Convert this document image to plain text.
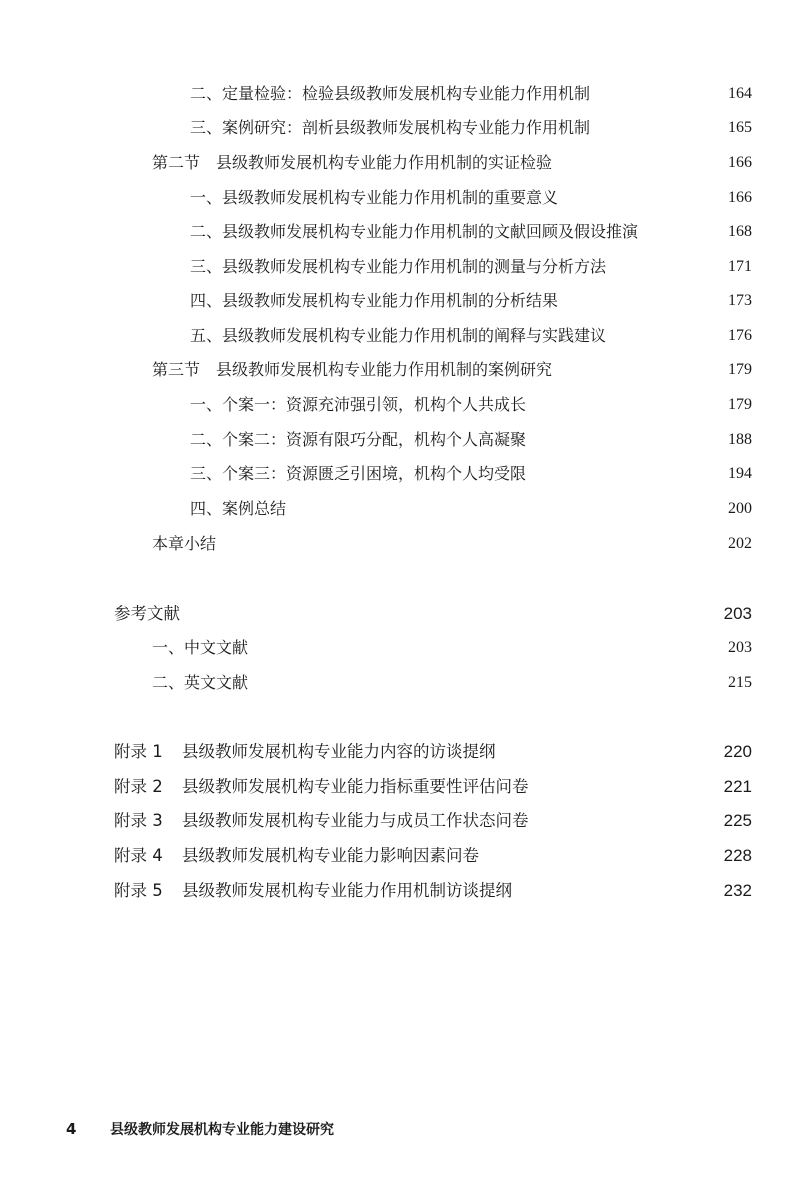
二、定量检验：检验县级教师发展机构专业能力作用机制	164
三、案例研究：剖析县级教师发展机构专业能力作用机制	165
第二节　县级教师发展机构专业能力作用机制的实证检验	166
一、县级教师发展机构专业能力作用机制的重要意义	166
二、县级教师发展机构专业能力作用机制的文献回顾及假设推演	168
三、县级教师发展机构专业能力作用机制的测量与分析方法	171
四、县级教师发展机构专业能力作用机制的分析结果	173
五、县级教师发展机构专业能力作用机制的阐释与实践建议	176
第三节　县级教师发展机构专业能力作用机制的案例研究	179
一、个案一：资源充沛强引领，机构个人共成长	179
二、个案二：资源有限巧分配，机构个人高凝聚	188
三、个案三：资源匮乏引困境，机构个人均受限	194
四、案例总结	200
本章小结	202
参考文献	203
一、中文文献	203
二、英文文献	215
附录 1 县级教师发展机构专业能力内容的访谈提纲	220
附录 2 县级教师发展机构专业能力指标重要性评估问卷	221
附录 3 县级教师发展机构专业能力与成员工作状态问卷	225
附录 4 县级教师发展机构专业能力影响因素问卷	228
附录 5 县级教师发展机构专业能力作用机制访谈提纲	232
4 县级教师发展机构专业能力建设研究
